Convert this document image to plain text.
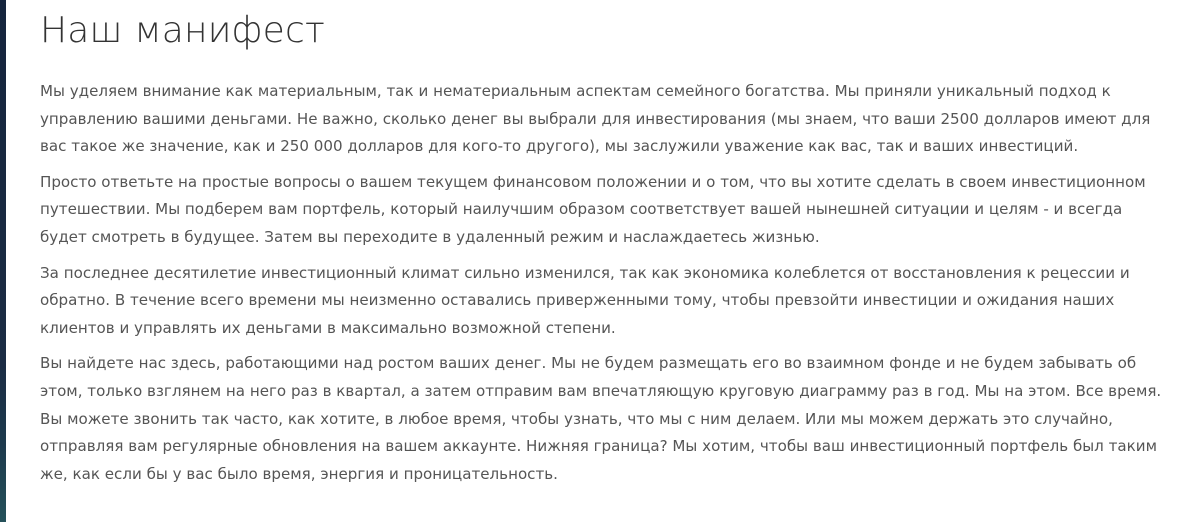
Наш манифест

Мы уделяем внимание как материальным, так и нематериальным аспектам семейного богатства. Мы приняли уникальный подход к управлению вашими деньгами. Не важно, сколько денег вы выбрали для инвестирования (мы знаем, что ваши 2500 долларов имеют для вас такое же значение, как и 250 000 долларов для кого-то другого), мы заслужили уважение как вас, так и ваших инвестиций.

Просто ответьте на простые вопросы о вашем текущем финансовом положении и о том, что вы хотите сделать в своем инвестиционном путешествии. Мы подберем вам портфель, который наилучшим образом соответствует вашей нынешней ситуации и целям - и всегда будет смотреть в будущее. Затем вы переходите в удаленный режим и наслаждаетесь жизнью.

За последнее десятилетие инвестиционный климат сильно изменился, так как экономика колеблется от восстановления к рецессии и обратно. В течение всего времени мы неизменно оставались приверженными тому, чтобы превзойти инвестиции и ожидания наших клиентов и управлять их деньгами в максимально возможной степени.

Вы найдете нас здесь, работающими над ростом ваших денег. Мы не будем размещать его во взаимном фонде и не будем забывать об этом, только взглянем на него раз в квартал, а затем отправим вам впечатляющую круговую диаграмму раз в год. Мы на этом. Все время. Вы можете звонить так часто, как хотите, в любое время, чтобы узнать, что мы с ним делаем. Или мы можем держать это случайно, отправляя вам регулярные обновления на вашем аккаунте. Нижняя граница? Мы хотим, чтобы ваш инвестиционный портфель был таким же, как если бы у вас было время, энергия и проницательность.
